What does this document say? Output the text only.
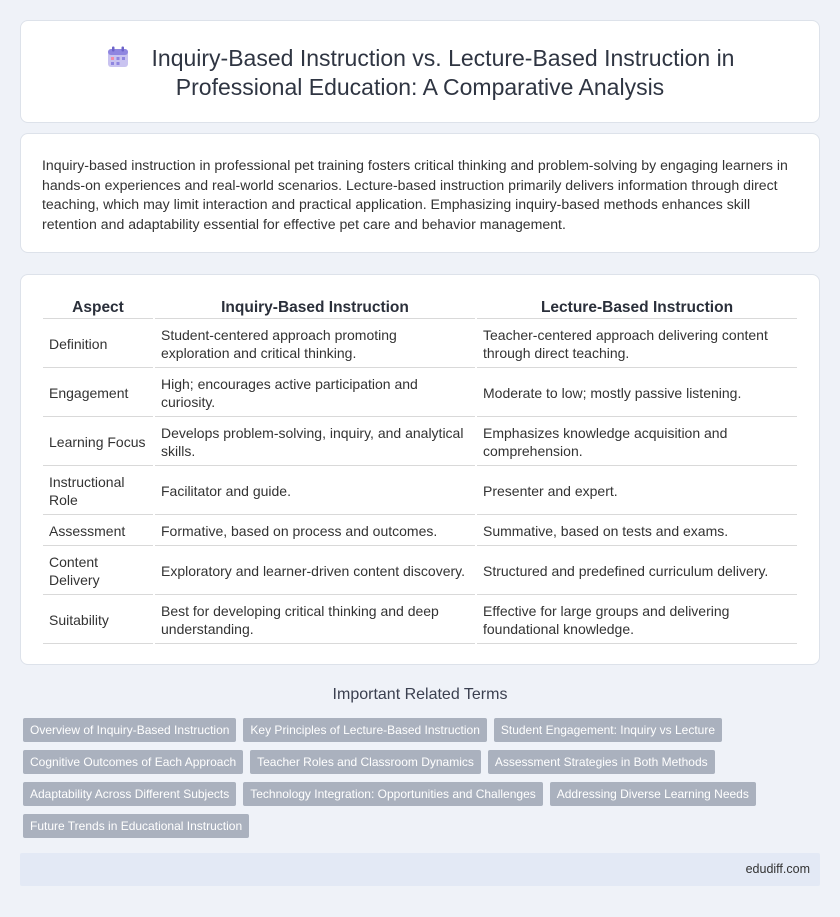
Inquiry-Based Instruction vs. Lecture-Based Instruction in Professional Education: A Comparative Analysis

Inquiry-based instruction in professional pet training fosters critical thinking and problem-solving by engaging learners in hands-on experiences and real-world scenarios. Lecture-based instruction primarily delivers information through direct teaching, which may limit interaction and practical application. Emphasizing inquiry-based methods enhances skill retention and adaptability essential for effective pet care and behavior management.

Aspect	Inquiry-Based Instruction	Lecture-Based Instruction
Definition	Student-centered approach promoting exploration and critical thinking.	Teacher-centered approach delivering content through direct teaching.
Engagement	High; encourages active participation and curiosity.	Moderate to low; mostly passive listening.
Learning Focus	Develops problem-solving, inquiry, and analytical skills.	Emphasizes knowledge acquisition and comprehension.
Instructional Role	Facilitator and guide.	Presenter and expert.
Assessment	Formative, based on process and outcomes.	Summative, based on tests and exams.
Content Delivery	Exploratory and learner-driven content discovery.	Structured and predefined curriculum delivery.
Suitability	Best for developing critical thinking and deep understanding.	Effective for large groups and delivering foundational knowledge.
Important Related Terms
Overview of Inquiry-Based Instruction	Key Principles of Lecture-Based Instruction	Student Engagement: Inquiry vs Lecture
Cognitive Outcomes of Each Approach	Teacher Roles and Classroom Dynamics	Assessment Strategies in Both Methods
Adaptability Across Different Subjects	Technology Integration: Opportunities and Challenges	Addressing Diverse Learning Needs
Future Trends in Educational Instruction
edudiff.com
